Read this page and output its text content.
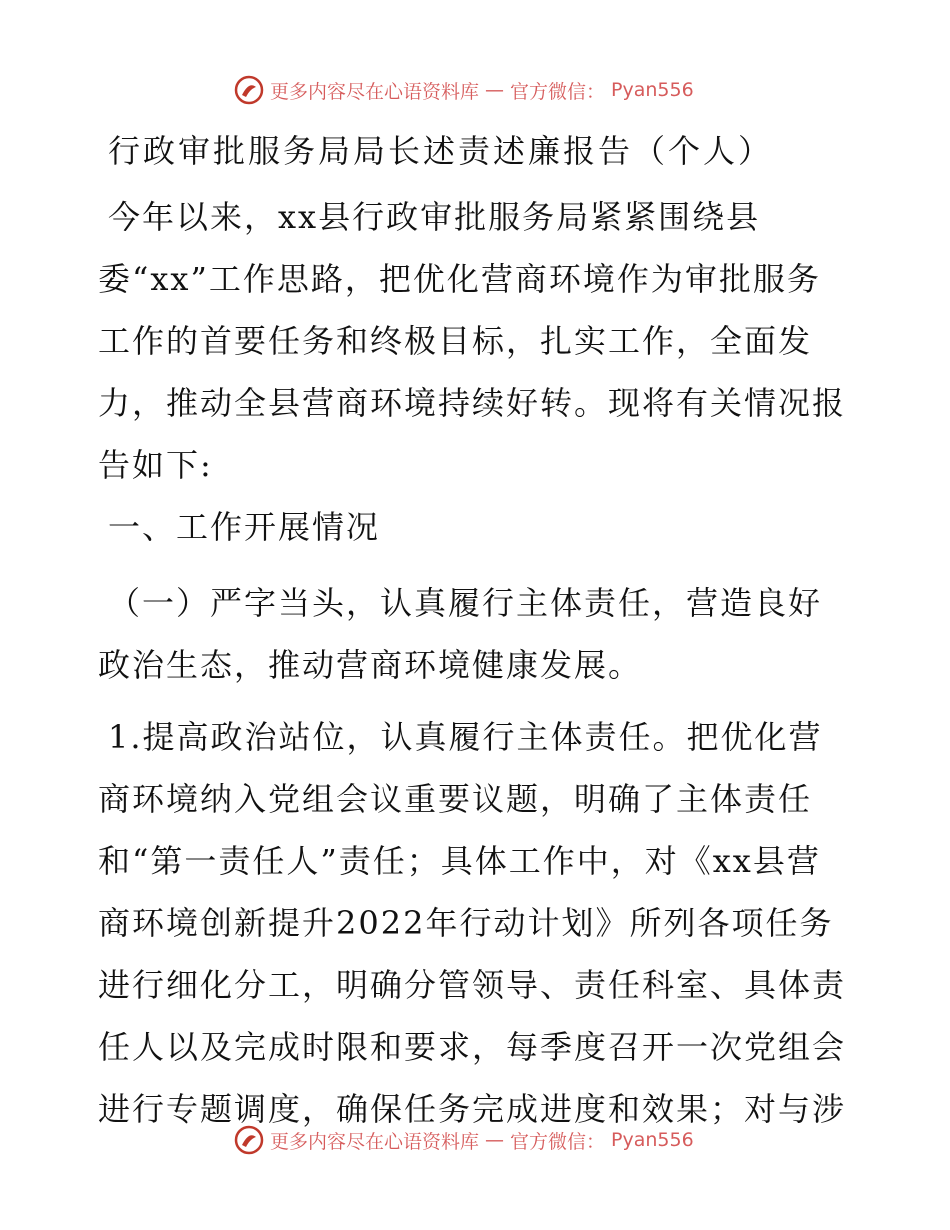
更多内容尽在心语资料库 — 官方微信： Pyan556
行政审批服务局局长述责述廉报告（个人）
今年以来，xx县行政审批服务局紧紧围绕县
委“xx”工作思路，把优化营商环境作为审批服务
工作的首要任务和终极目标，扎实工作，全面发
力，推动全县营商环境持续好转。现将有关情况报
告如下:
一、工作开展情况
（一）严字当头，认真履行主体责任，营造良好
政治生态，推动营商环境健康发展。
1.提高政治站位，认真履行主体责任。把优化营
商环境纳入党组会议重要议题，明确了主体责任
和“第一责任人”责任；具体工作中，对《xx县营
商环境创新提升2022年行动计划》所列各项任务
进行细化分工，明确分管领导、责任科室、具体责
任人以及完成时限和要求，每季度召开一次党组会
进行专题调度，确保任务完成进度和效果；对与涉
更多内容尽在心语资料库 — 官方微信： Pyan556
